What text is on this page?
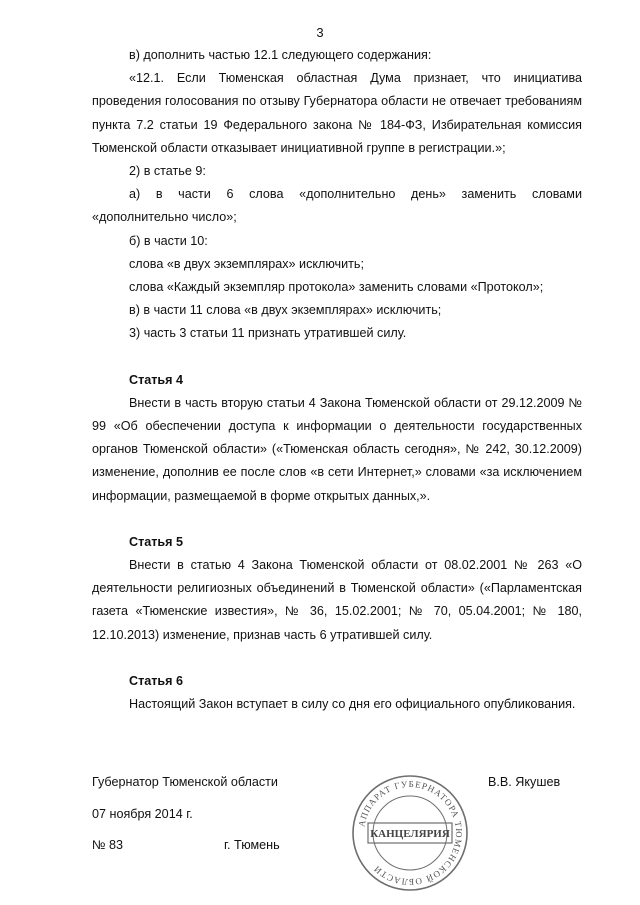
3

в) дополнить частью 12.1 следующего содержания:

«12.1. Если Тюменская областная Дума признает, что инициатива проведения голосования по отзыву Губернатора области не отвечает требованиям пункта 7.2 статьи 19 Федерального закона № 184-ФЗ, Избирательная комиссия Тюменской области отказывает инициативной группе в регистрации.»;

2) в статье 9:

а) в части 6 слова «дополнительно день» заменить словами «дополнительно число»;

б) в части 10:

слова «в двух экземплярах» исключить;

слова «Каждый экземпляр протокола» заменить словами «Протокол»;

в) в части 11 слова «в двух экземплярах» исключить;

3) часть 3 статьи 11 признать утратившей силу.

Статья 4

Внести в часть вторую статьи 4 Закона Тюменской области от 29.12.2009 № 99 «Об обеспечении доступа к информации о деятельности государственных органов Тюменской области» («Тюменская область сегодня», № 242, 30.12.2009) изменение, дополнив ее после слов «в сети Интернет,» словами «за исключением информации, размещаемой в форме открытых данных,».

Статья 5

Внести в статью 4 Закона Тюменской области от 08.02.2001 № 263 «О деятельности религиозных объединений в Тюменской области» («Парламентская газета «Тюменские известия», № 36, 15.02.2001; № 70, 05.04.2001; № 180, 12.10.2013) изменение, признав часть 6 утратившей силу.

Статья 6

Настоящий Закон вступает в силу со дня его официального опубликования.

Губернатор Тюменской области	В.В. Якушев
07 ноября 2014 г.
№ 83	г. Тюмень
АППАРАТ ГУБЕРНАТОРА ТЮМЕНСКОЙ ОБЛАСТИ
КАНЦЕЛЯРИЯ
